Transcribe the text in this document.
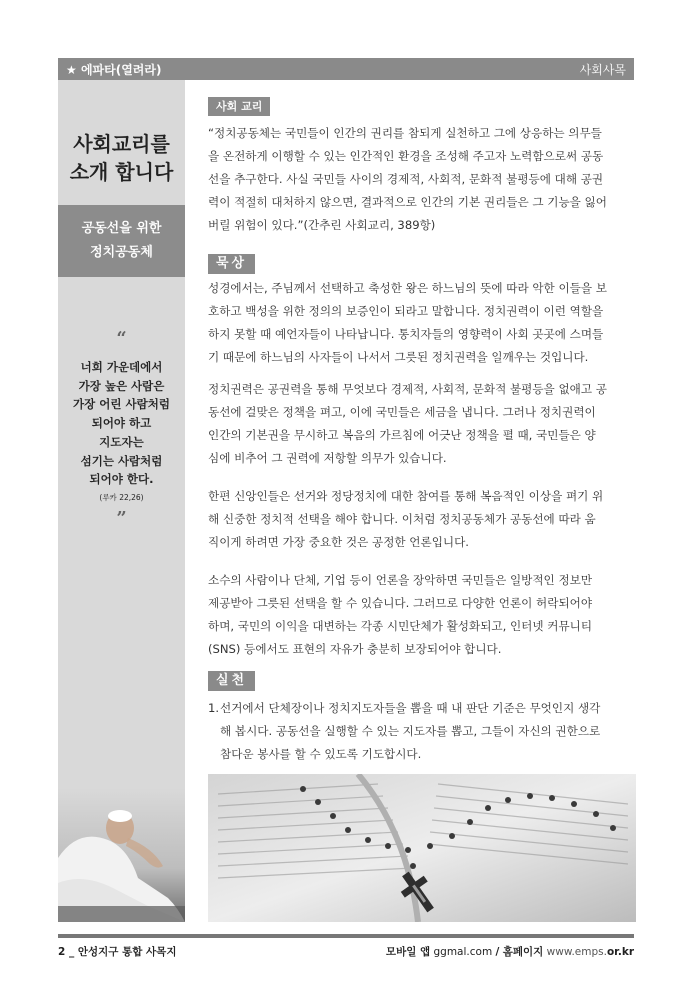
★ 에파타(열려라)	사회사목
사회교리를
소개 합니다
공동선을 위한
정치공동체
“
너희 가운데에서
가장 높은 사람은
가장 어린 사람처럼
되어야 하고
지도자는
섬기는 사람처럼
되어야 한다.
(루카 22,26)
”
사회 교리
“정치공동체는 국민들이 인간의 권리를 참되게 실천하고 그에 상응하는 의무들
을 온전하게 이행할 수 있는 인간적인 환경을 조성해 주고자 노력함으로써 공동
선을 추구한다. 사실 국민들 사이의 경제적, 사회적, 문화적 불평등에 대해 공권
력이 적절히 대처하지 않으면, 결과적으로 인간의 기본 권리들은 그 기능을 잃어
버릴 위험이 있다.”(간추린 사회교리, 389항)
묵상
성경에서는, 주님께서 선택하고 축성한 왕은 하느님의 뜻에 따라 악한 이들을 보
호하고 백성을 위한 정의의 보증인이 되라고 말합니다. 정치권력이 이런 역할을
하지 못할 때 예언자들이 나타납니다. 통치자들의 영향력이 사회 곳곳에 스며들
기 때문에 하느님의 사자들이 나서서 그릇된 정치권력을 일깨우는 것입니다.
정치권력은 공권력을 통해 무엇보다 경제적, 사회적, 문화적 불평등을 없애고 공
동선에 걸맞은 정책을 펴고, 이에 국민들은 세금을 냅니다. 그러나 정치권력이
인간의 기본권을 무시하고 복음의 가르침에 어긋난 정책을 펼 때, 국민들은 양
심에 비추어 그 권력에 저항할 의무가 있습니다.
한편 신앙인들은 선거와 정당정치에 대한 참여를 통해 복음적인 이상을 펴기 위
해 신중한 정치적 선택을 해야 합니다. 이처럼 정치공동체가 공동선에 따라 움
직이게 하려면 가장 중요한 것은 공정한 언론입니다.
소수의 사람이나 단체, 기업 등이 언론을 장악하면 국민들은 일방적인 정보만
제공받아 그릇된 선택을 할 수 있습니다. 그러므로 다양한 언론이 허락되어야
하며, 국민의 이익을 대변하는 각종 시민단체가 활성화되고, 인터넷 커뮤니티
(SNS) 등에서도 표현의 자유가 충분히 보장되어야 합니다.
실천
1. 선거에서 단체장이나 정치지도자들을 뽑을 때 내 판단 기준은 무엇인지 생각
해 봅시다. 공동선을 실행할 수 있는 지도자를 뽑고, 그들이 자신의 권한으로
참다운 봉사를 할 수 있도록 기도합시다.
2 _ 안성지구 통합 사목지	모바일 앱 ggmal.com / 홈페이지 www.emps.or.kr
